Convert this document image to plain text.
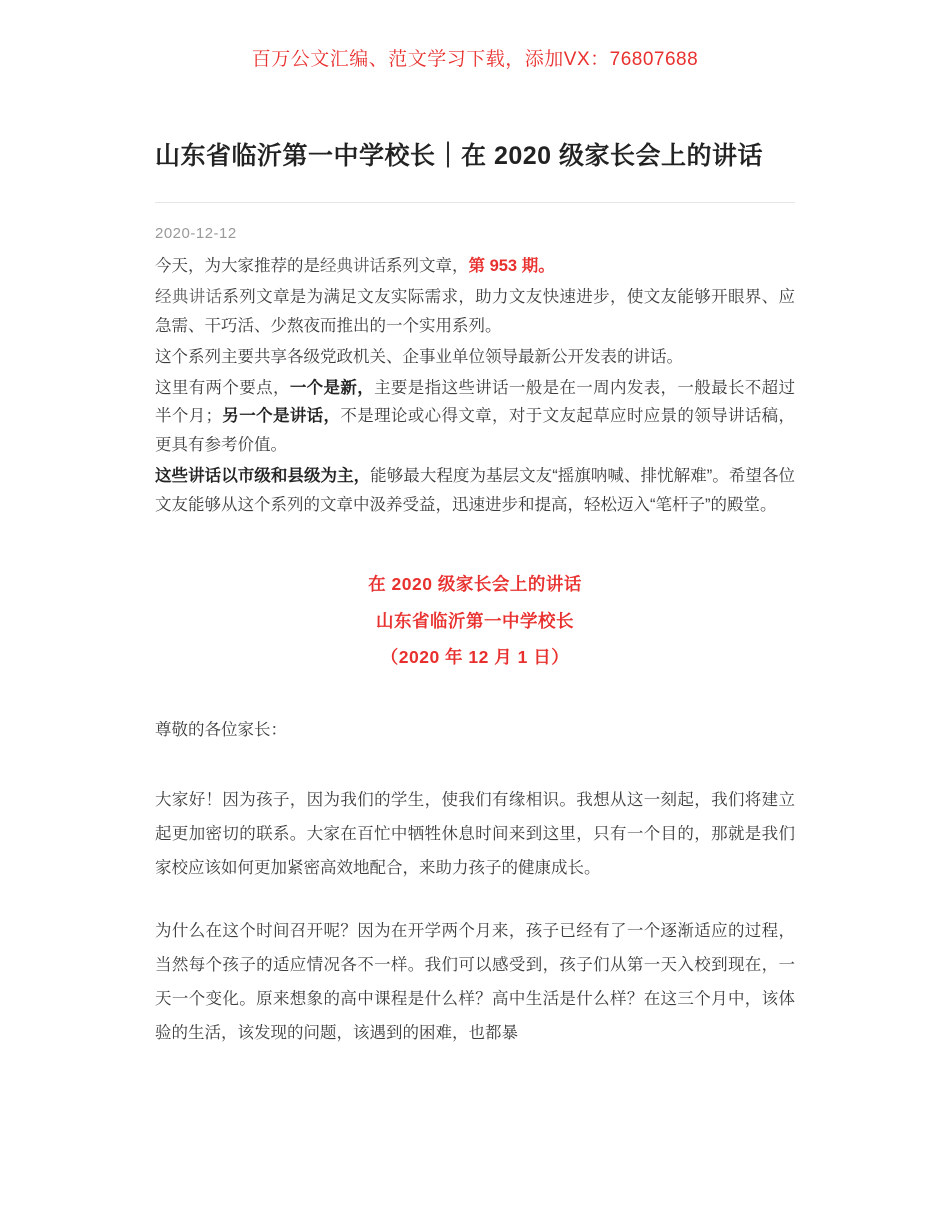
百万公文汇编、范文学习下载，添加VX：76807688
山东省临沂第一中学校长｜在 2020 级家长会上的讲话
2020-12-12

今天，为大家推荐的是经典讲话系列文章，第 953 期。

经典讲话系列文章是为满足文友实际需求，助力文友快速进步，使文友能够开眼界、应急需、干巧活、少熬夜而推出的一个实用系列。

这个系列主要共享各级党政机关、企事业单位领导最新公开发表的讲话。

这里有两个要点，一个是新，主要是指这些讲话一般是在一周内发表，一般最长不超过半个月；另一个是讲话，不是理论或心得文章，对于文友起草应时应景的领导讲话稿，更具有参考价值。

这些讲话以市级和县级为主，能够最大程度为基层文友“摇旗呐喊、排忧解难”。希望各位文友能够从这个系列的文章中汲养受益，迅速进步和提高，轻松迈入“笔杆子”的殿堂。

在 2020 级家长会上的讲话
山东省临沂第一中学校长
（2020 年 12 月 1 日）

尊敬的各位家长：

大家好！因为孩子，因为我们的学生，使我们有缘相识。我想从这一刻起，我们将建立起更加密切的联系。大家在百忙中牺牲休息时间来到这里，只有一个目的，那就是我们家校应该如何更加紧密高效地配合，来助力孩子的健康成长。

为什么在这个时间召开呢？因为在开学两个月来，孩子已经有了一个逐渐适应的过程，当然每个孩子的适应情况各不一样。我们可以感受到，孩子们从第一天入校到现在，一天一个变化。原来想象的高中课程是什么样？高中生活是什么样？在这三个月中，该体验的生活，该发现的问题，该遇到的困难，也都暴
